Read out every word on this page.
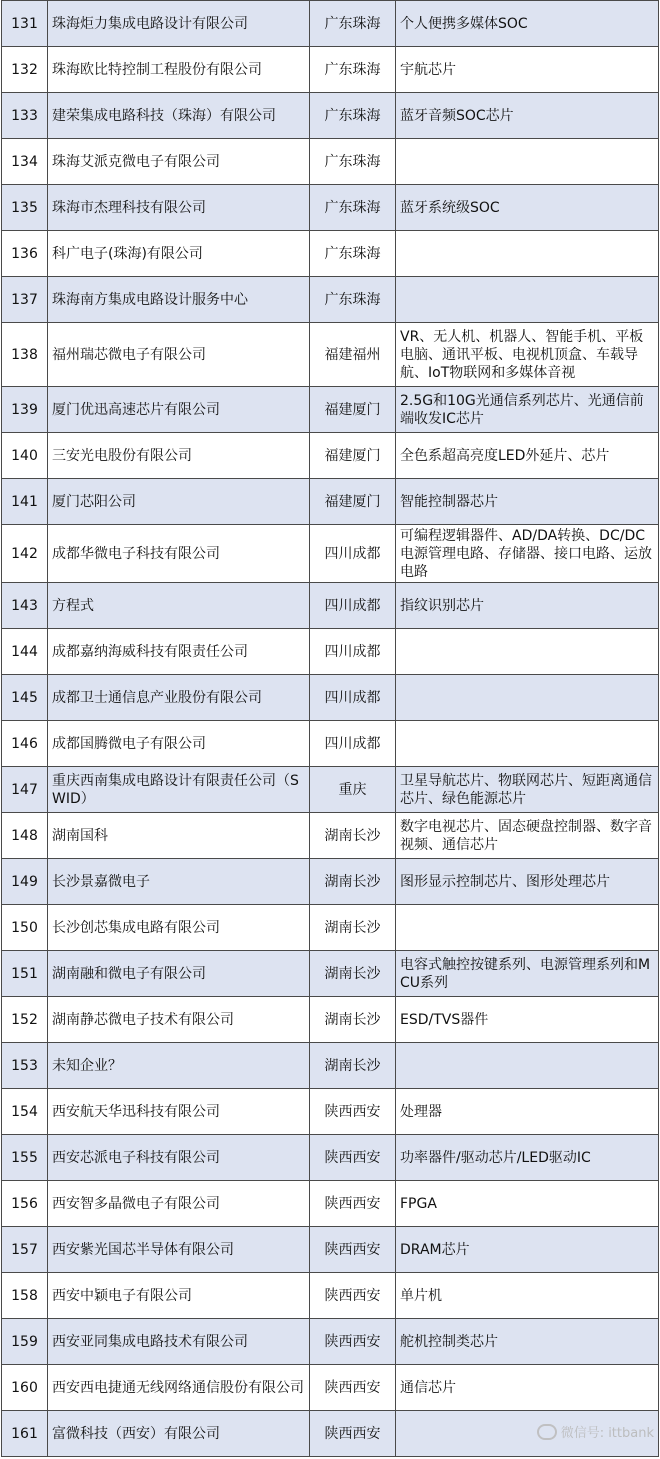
131	珠海炬力集成电路设计有限公司	广东珠海	个人便携多媒体SOC

132	珠海欧比特控制工程股份有限公司	广东珠海	宇航芯片

133	建荣集成电路科技（珠海）有限公司	广东珠海	蓝牙音频SOC芯片

134	珠海艾派克微电子有限公司	广东珠海	

135	珠海市杰理科技有限公司	广东珠海	蓝牙系统级SOC

136	科广电子(珠海)有限公司	广东珠海	

137	珠海南方集成电路设计服务中心	广东珠海	

138	福州瑞芯微电子有限公司	福建福州	VR、无人机、机器人、智能手机、平板电脑、通讯平板、电视机顶盒、车载导航、IoT物联网和多媒体音视

139	厦门优迅高速芯片有限公司	福建厦门	2.5G和10G光通信系列芯片、光通信前端收发IC芯片

140	三安光电股份有限公司	福建厦门	全色系超高亮度LED外延片、芯片

141	厦门芯阳公司	福建厦门	智能控制器芯片

142	成都华微电子科技有限公司	四川成都	可编程逻辑器件、AD/DA转换、DC/DC电源管理电路、存储器、接口电路、运放电路

143	方程式	四川成都	指纹识别芯片

144	成都嘉纳海威科技有限责任公司	四川成都	

145	成都卫士通信息产业股份有限公司	四川成都	

146	成都国腾微电子有限公司	四川成都	

147	重庆西南集成电路设计有限责任公司（SWID）	重庆	卫星导航芯片、物联网芯片、短距离通信芯片、绿色能源芯片

148	湖南国科	湖南长沙	数字电视芯片、固态硬盘控制器、数字音视频、通信芯片

149	长沙景嘉微电子	湖南长沙	图形显示控制芯片、图形处理芯片

150	长沙创芯集成电路有限公司	湖南长沙	

151	湖南融和微电子有限公司	湖南长沙	电容式触控按键系列、电源管理系列和MCU系列

152	湖南静芯微电子技术有限公司	湖南长沙	ESD/TVS器件

153	未知企业？	湖南长沙	

154	西安航天华迅科技有限公司	陕西西安	处理器

155	西安芯派电子科技有限公司	陕西西安	功率器件/驱动芯片/LED驱动IC

156	西安智多晶微电子有限公司	陕西西安	FPGA

157	西安紫光国芯半导体有限公司	陕西西安	DRAM芯片

158	西安中颖电子有限公司	陕西西安	单片机

159	西安亚同集成电路技术有限公司	陕西西安	舵机控制类芯片

160	西安西电捷通无线网络通信股份有限公司	陕西西安	通信芯片

161	富微科技（西安）有限公司	陕西西安		微信号: ittbank
